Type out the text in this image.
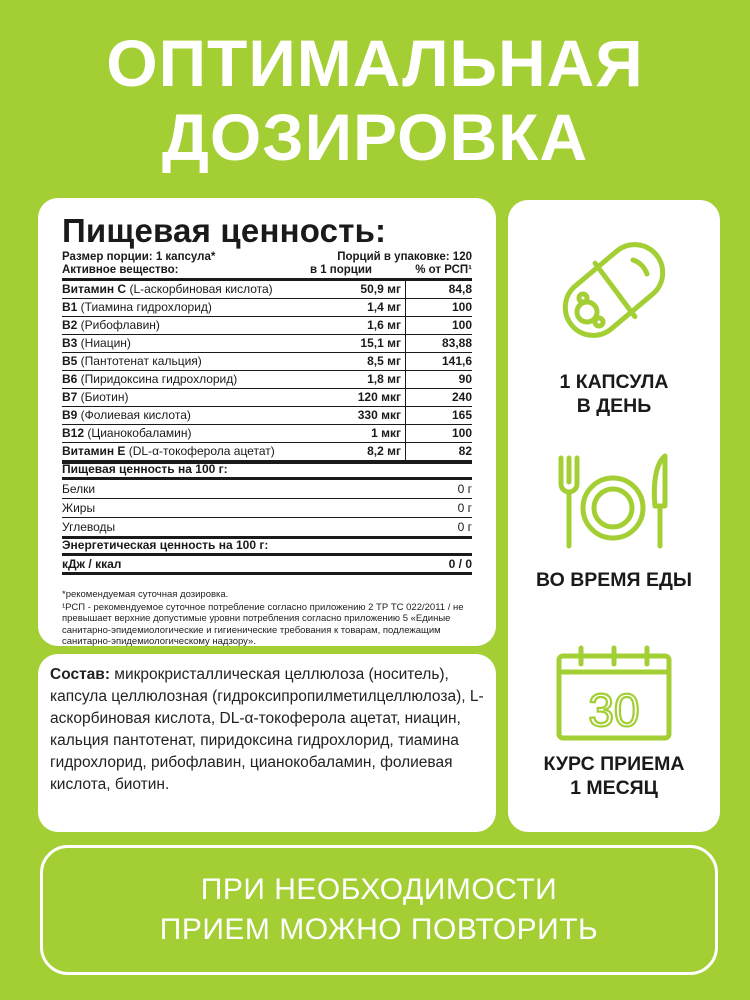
ОПТИМАЛЬНАЯ
ДОЗИРОВКА
Пищевая ценность:
Размер порции: 1 капсула*	Порций в упаковке: 120
Активное вещество:	в 1 порции	% от РСП¹
Витамин С (L-аскорбиновая кислота)	50,9 мг	84,8
В1 (Тиамина гидрохлорид)	1,4 мг	100
В2 (Рибофлавин)	1,6 мг	100
В3 (Ниацин)	15,1 мг	83,88
В5 (Пантотенат кальция)	8,5 мг	141,6
В6 (Пиридоксина гидрохлорид)	1,8 мг	90
В7 (Биотин)	120 мкг	240
В9 (Фолиевая кислота)	330 мкг	165
В12 (Цианокобаламин)	1 мкг	100
Витамин Е (DL-α-токоферола ацетат)	8,2 мг	82
Пищевая ценность на 100 г:
Белки	0 г
Жиры	0 г
Углеводы	0 г
Энергетическая ценность на 100 г:
кДж / ккал	0 / 0

*рекомендуемая суточная дозировка.

¹РСП - рекомендуемое суточное потребление согласно приложению 2 ТР ТС 022/2011 / не превышает верхние допустимые уровни потребления согласно приложению 5 «Единые санитарно-эпидемиологические и гигиенические требования к товарам, подлежащим санитарно-эпидемиологическому надзору».

Состав: микрокристаллическая целлюлоза (носитель), капсула целлюлозная (гидроксипропилметилцеллюлоза), L-аскорбиновая кислота, DL-α-токоферола ацетат, ниацин, кальция пантотенат, пиридоксина гидрохлорид, тиамина гидрохлорид, рибофлавин, цианокобаламин, фолиевая кислота, биотин.

1 КАПСУЛА
В ДЕНЬ
ВО ВРЕМЯ ЕДЫ
30
КУРС ПРИЕМА
1 МЕСЯЦ
ПРИ НЕОБХОДИМОСТИ
ПРИЕМ МОЖНО ПОВТОРИТЬ
